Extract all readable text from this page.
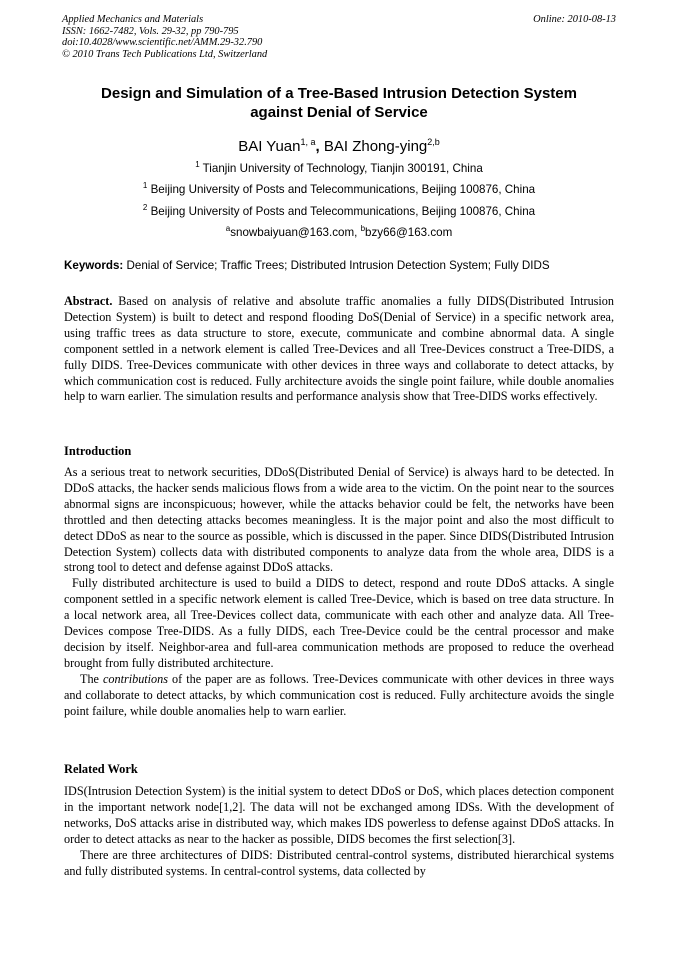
Applied Mechanics and Materials
ISSN: 1662-7482, Vols. 29-32, pp 790-795
doi:10.4028/www.scientific.net/AMM.29-32.790
© 2010 Trans Tech Publications Ltd, Switzerland
Online: 2010-08-13
Design and Simulation of a Tree-Based Intrusion Detection System
against Denial of Service
BAI Yuan$^{1, a}$, BAI Zhong-ying$^{2,b}$
$^1$ Tianjin University of Technology, Tianjin 300191, China
$^1$ Beijing University of Posts and Telecommunications, Beijing 100876, China
$^2$ Beijing University of Posts and Telecommunications, Beijing 100876, China
$^a$snowbaiyuan@163.com, $^b$bzy66@163.com
Keywords: Denial of Service; Traffic Trees; Distributed Intrusion Detection System; Fully DIDS

Abstract. Based on analysis of relative and absolute traffic anomalies a fully DIDS(Distributed Intrusion Detection System) is built to detect and respond flooding DoS(Denial of Service) in a specific network area, using traffic trees as data structure to store, execute, communicate and combine abnormal data. A single component settled in a network element is called Tree-Devices and all Tree-Devices construct a Tree-DIDS, a fully DIDS. Tree-Devices communicate with other devices in three ways and collaborate to detect attacks, by which communication cost is reduced. Fully architecture avoids the single point failure, while double anomalies help to warn earlier. The simulation results and performance analysis show that Tree-DIDS works effectively.

Introduction

As a serious treat to network securities, DDoS(Distributed Denial of Service) is always hard to be detected. In DDoS attacks, the hacker sends malicious flows from a wide area to the victim. On the point near to the sources abnormal signs are inconspicuous; however, while the attacks behavior could be felt, the networks have been throttled and then detecting attacks becomes meaningless. It is the major point and also the most difficult to detect DDoS as near to the source as possible, which is discussed in the paper. Since DIDS(Distributed Intrusion Detection System) collects data with distributed components to analyze data from the whole area, DIDS is a strong tool to detect and defense against DDoS attacks.

Fully distributed architecture is used to build a DIDS to detect, respond and route DDoS attacks. A single component settled in a specific network element is called Tree-Device, which is based on tree data structure. In a local network area, all Tree-Devices collect data, communicate with each other and analyze data. All Tree-Devices compose Tree-DIDS. As a fully DIDS, each Tree-Device could be the central processor and make decision by itself. Neighbor-area and full-area communication methods are proposed to reduce the overhead brought from fully distributed architecture.

The contributions of the paper are as follows. Tree-Devices communicate with other devices in three ways and collaborate to detect attacks, by which communication cost is reduced. Fully architecture avoids the single point failure, while double anomalies help to warn earlier.

Related Work

IDS(Intrusion Detection System) is the initial system to detect DDoS or DoS, which places detection component in the important network node[1,2]. The data will not be exchanged among IDSs. With the development of networks, DoS attacks arise in distributed way, which makes IDS powerless to defense against DDoS attacks. In order to detect attacks as near to the hacker as possible, DIDS becomes the first selection[3].

There are three architectures of DIDS: Distributed central-control systems, distributed hierarchical systems and fully distributed systems. In central-control systems, data collected by
